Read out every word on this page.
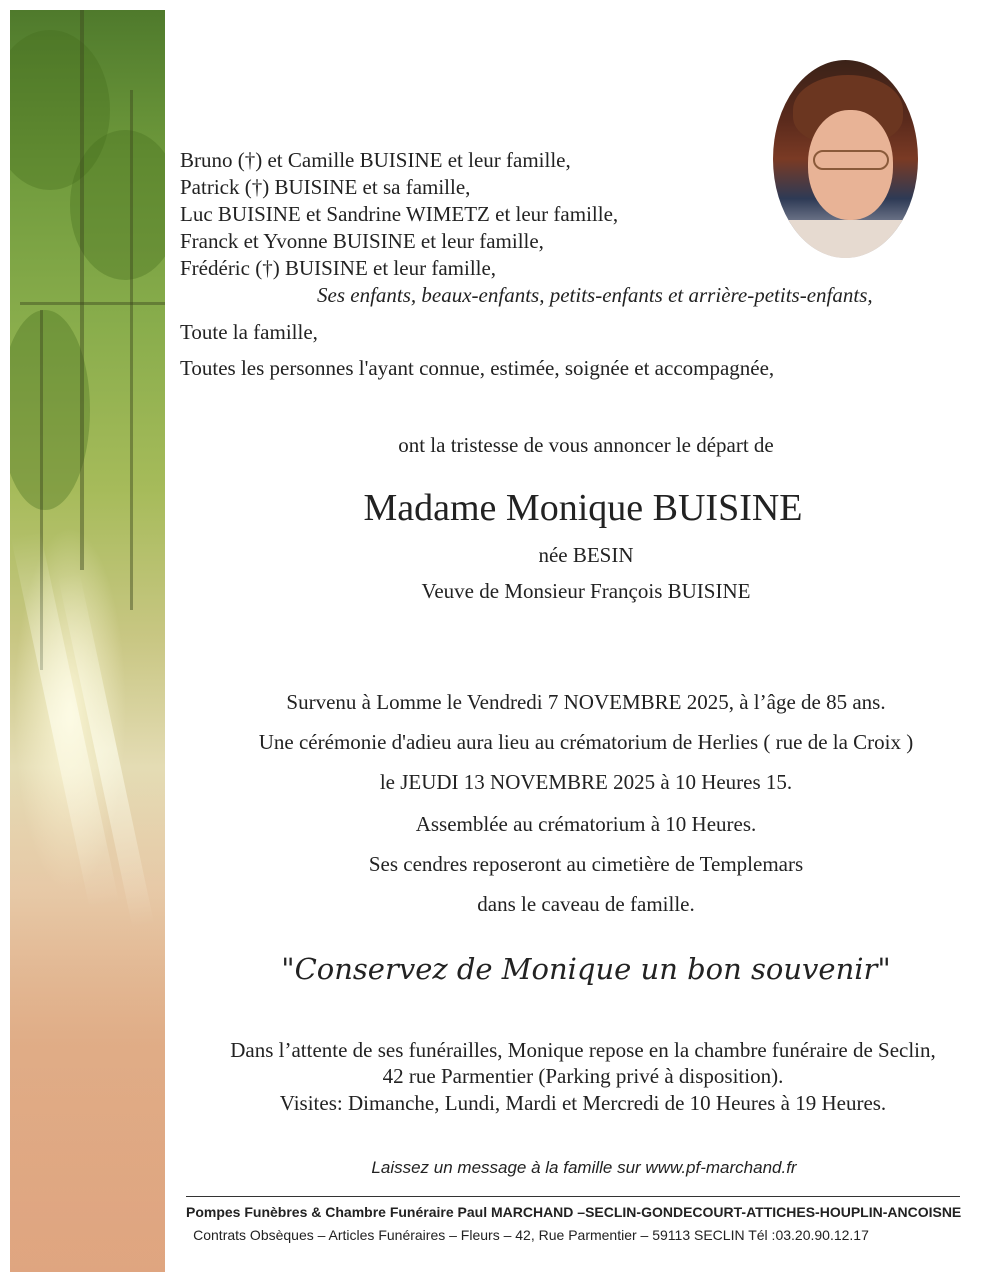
Bruno (†) et Camille BUISINE et leur famille,
Patrick (†) BUISINE et sa famille,
Luc BUISINE et Sandrine WIMETZ et leur famille,
Franck et Yvonne BUISINE et leur famille,
Frédéric (†) BUISINE et leur famille,
Ses enfants, beaux-enfants, petits-enfants et arrière-petits-enfants,
Toute la famille,
Toutes les personnes l'ayant connue, estimée, soignée et accompagnée,
ont la tristesse de vous annoncer le départ de
Madame Monique BUISINE
née BESIN
Veuve de Monsieur François BUISINE
Survenu à Lomme le Vendredi 7 NOVEMBRE 2025, à l’âge de 85 ans.
Une cérémonie d'adieu aura lieu au crématorium de Herlies ( rue de la Croix )
le JEUDI 13 NOVEMBRE 2025 à 10 Heures 15.
Assemblée au crématorium à 10 Heures.
Ses cendres reposeront au cimetière de Templemars
dans le caveau de famille.
"Conservez de Monique un bon souvenir"
Dans l’attente de ses funérailles, Monique repose en la chambre funéraire de Seclin,
42 rue Parmentier (Parking privé à disposition).
Visites: Dimanche, Lundi, Mardi et Mercredi de 10 Heures à 19 Heures.
Laissez un message à la famille sur www.pf-marchand.fr
Pompes Funèbres & Chambre Funéraire Paul MARCHAND –SECLIN-GONDECOURT-ATTICHES-HOUPLIN-ANCOISNE
Contrats Obsèques – Articles Funéraires – Fleurs – 42, Rue Parmentier – 59113 SECLIN Tél :03.20.90.12.17
